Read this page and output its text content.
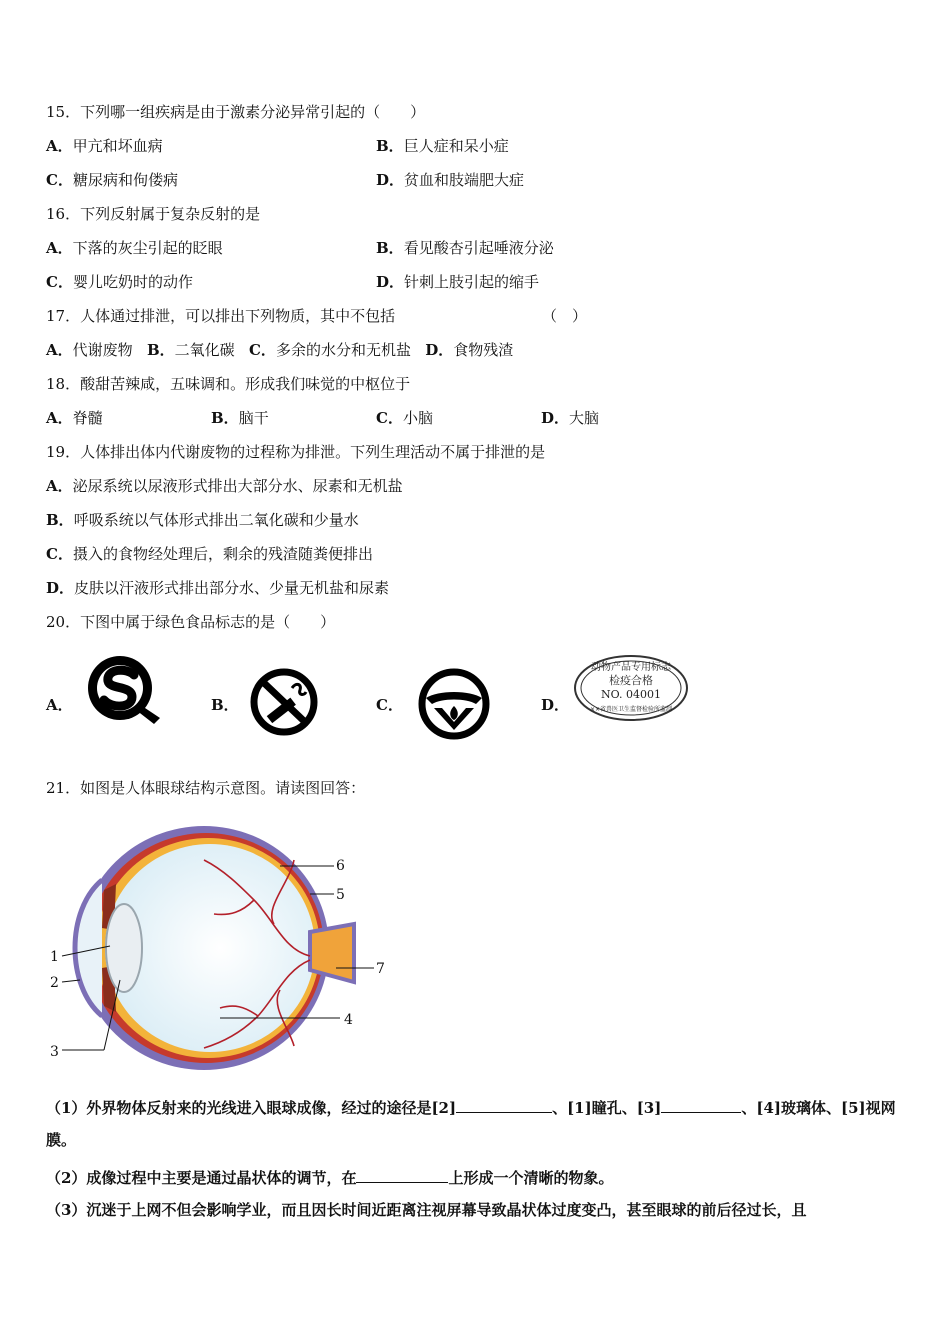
15．下列哪一组疾病是由于激素分泌异常引起的（　　）
A．甲亢和坏血病	B．巨人症和呆小症
C．糖尿病和佝偻病	D．贫血和肢端肥大症
16．下列反射属于复杂反射的是
A．下落的灰尘引起的眨眼	B．看见酸杏引起唾液分泌
C．婴儿吃奶时的动作	D．针刺上肢引起的缩手
17．人体通过排泄，可以排出下列物质，其中不包括	（　）
A．代谢废物 B．二氧化碳 C．多余的水分和无机盐 D．食物残渣
18．酸甜苦辣咸，五味调和。形成我们味觉的中枢位于
A．脊髓	B．脑干	C．小脑	D．大脑
19．人体排出体内代谢废物的过程称为排泄。下列生理活动不属于排泄的是
A．泌尿系统以尿液形式排出大部分水、尿素和无机盐
B．呼吸系统以气体形式排出二氧化碳和少量水
C．摄入的食物经处理后，剩余的残渣随粪便排出
D．皮肤以汗液形式排出部分水、少量无机盐和尿素
20．下图中属于绿色食品标志的是（　　）
A．	B．	C．	D．
动物产品专用标志
检疫合格
NO. 04001
××省兽医卫生监督检验所监制
21．如图是人体眼球结构示意图。请读图回答：
1
2
3
4
5
6
7
（1）外界物体反射来的光线进入眼球成像，经过的途径是[2]	、[1]瞳孔、[3]	、[4]玻璃体、[5]视网
膜。
（2）成像过程中主要是通过晶状体的调节，在	上形成一个清晰的物象。
（3）沉迷于上网不但会影响学业，而且因长时间近距离注视屏幕导致晶状体过度变凸，甚至眼球的前后径过长，且
